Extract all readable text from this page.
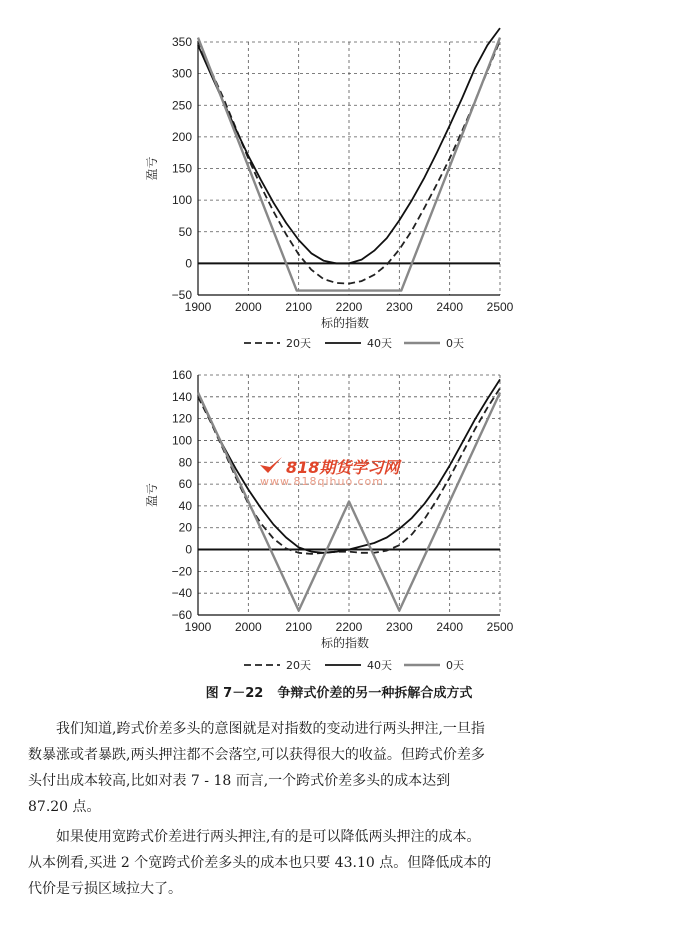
1900 2000 2100 2200 2300 2400 2500
−50
0
50
100
150
200
250
300
350
标的指数
盈亏
20天	40天	0天
1900 2000 2100 2200 2300 2400 2500
−60
−40
−20
0
20
40
60
80
100
120
140
160
标的指数
盈亏
20天	40天	0天
818期货学习网
www.818qihuo.com
图 7－22 争辩式价差的另一种拆解合成方式

我们知道,跨式价差多头的意图就是对指数的变动进行两头押注,一旦指
数暴涨或者暴跌,两头押注都不会落空,可以获得很大的收益。但跨式价差多
头付出成本较高,比如对表 7 - 18 而言,一个跨式价差多头的成本达到
87.20 点。

如果使用宽跨式价差进行两头押注,有的是可以降低两头押注的成本。
从本例看,买进 2 个宽跨式价差多头的成本也只要 43.10 点。但降低成本的
代价是亏损区域拉大了。
